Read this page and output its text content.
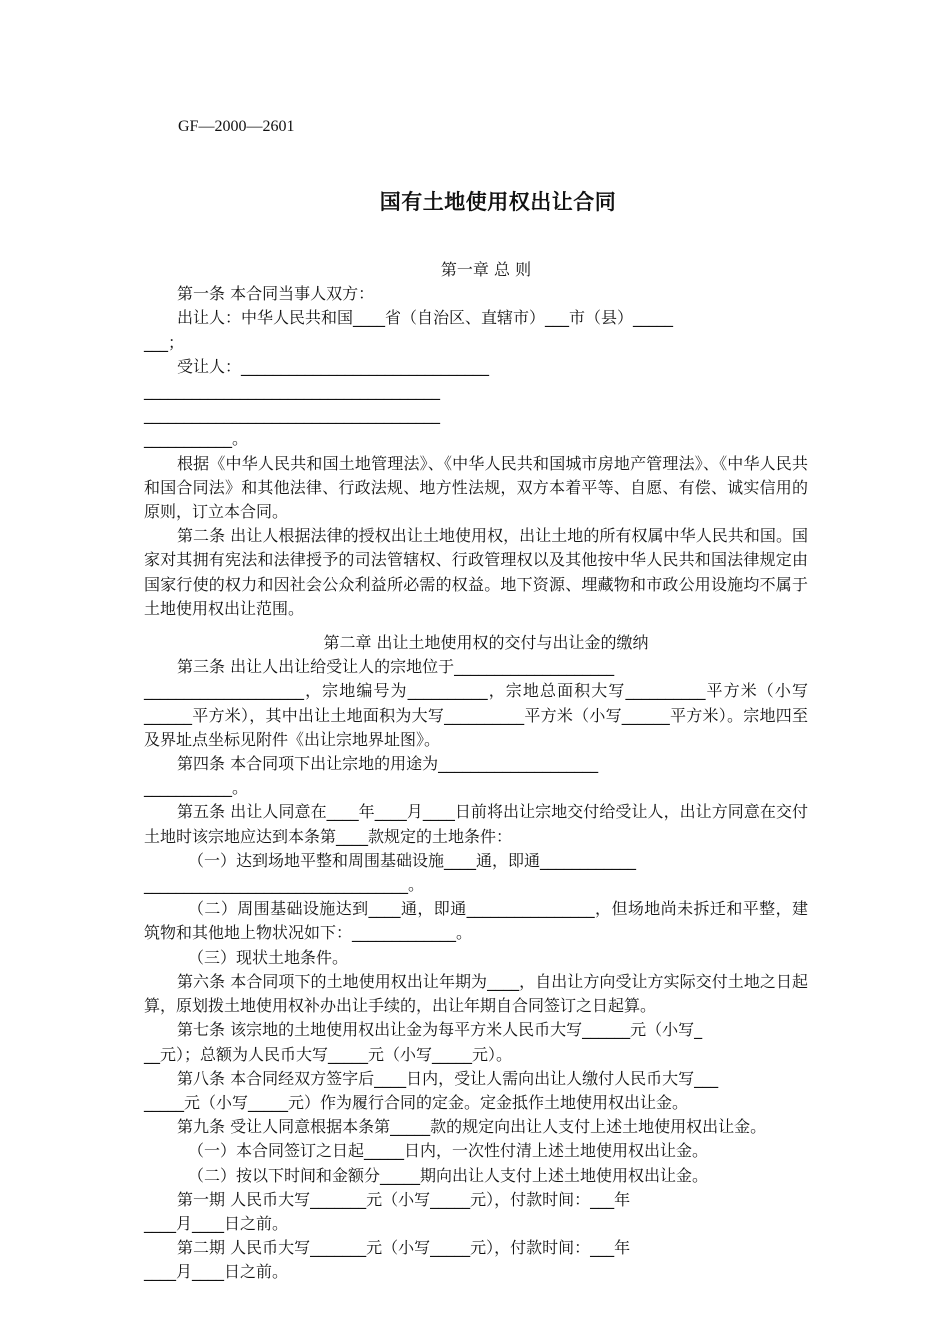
GF—2000—2601
国有土地使用权出让合同

第一章 总 则

第一条 本合同当事人双方：

出让人：中华人民共和国____省（自治区、直辖市）___市（县）_____

___；

受让人：_______________________________

_____________________________________

_____________________________________

___________。

根据《中华人民共和国土地管理法》、《中华人民共和国城市房地产管理法》、《中华人民共和国合同法》和其他法律、行政法规、地方性法规，双方本着平等、自愿、有偿、诚实信用的原则，订立本合同。

第二条 出让人根据法律的授权出让土地使用权，出让土地的所有权属中华人民共和国。国家对其拥有宪法和法律授予的司法管辖权、行政管理权以及其他按中华人民共和国法律规定由国家行使的权力和因社会公众利益所必需的权益。地下资源、埋藏物和市政公用设施均不属于土地使用权出让范围。

第二章 出让土地使用权的交付与出让金的缴纳

第三条 出让人出让给受让人的宗地位于____________________

____________________，宗地编号为__________，宗地总面积大写__________平方米（小写______平方米），其中出让土地面积为大写__________平方米（小写______平方米）。宗地四至及界址点坐标见附件《出让宗地界址图》。

第四条 本合同项下出让宗地的用途为____________________

___________。

第五条 出让人同意在____年____月____日前将出让宗地交付给受让人，出让方同意在交付土地时该宗地应达到本条第____款规定的土地条件：

（一）达到场地平整和周围基础设施____通，即通____________

_________________________________。

（二）周围基础设施达到____通，即通________________，但场地尚未拆迁和平整，建筑物和其他地上物状况如下：_____________。

（三）现状土地条件。

第六条 本合同项下的土地使用权出让年期为____，自出让方向受让方实际交付土地之日起算，原划拨土地使用权补办出让手续的，出让年期自合同签订之日起算。

第七条 该宗地的土地使用权出让金为每平方米人民币大写______元（小写_

__元）；总额为人民币大写_____元（小写_____元）。

第八条 本合同经双方签字后____日内，受让人需向出让人缴付人民币大写___

_____元（小写_____元）作为履行合同的定金。定金抵作土地使用权出让金。

第九条 受让人同意根据本条第_____款的规定向出让人支付上述土地使用权出让金。

（一）本合同签订之日起_____日内，一次性付清上述土地使用权出让金。

（二）按以下时间和金额分_____期向出让人支付上述土地使用权出让金。

第一期 人民币大写_______元（小写_____元），付款时间：___年

____月____日之前。

第二期 人民币大写_______元（小写_____元），付款时间：___年

____月____日之前。
